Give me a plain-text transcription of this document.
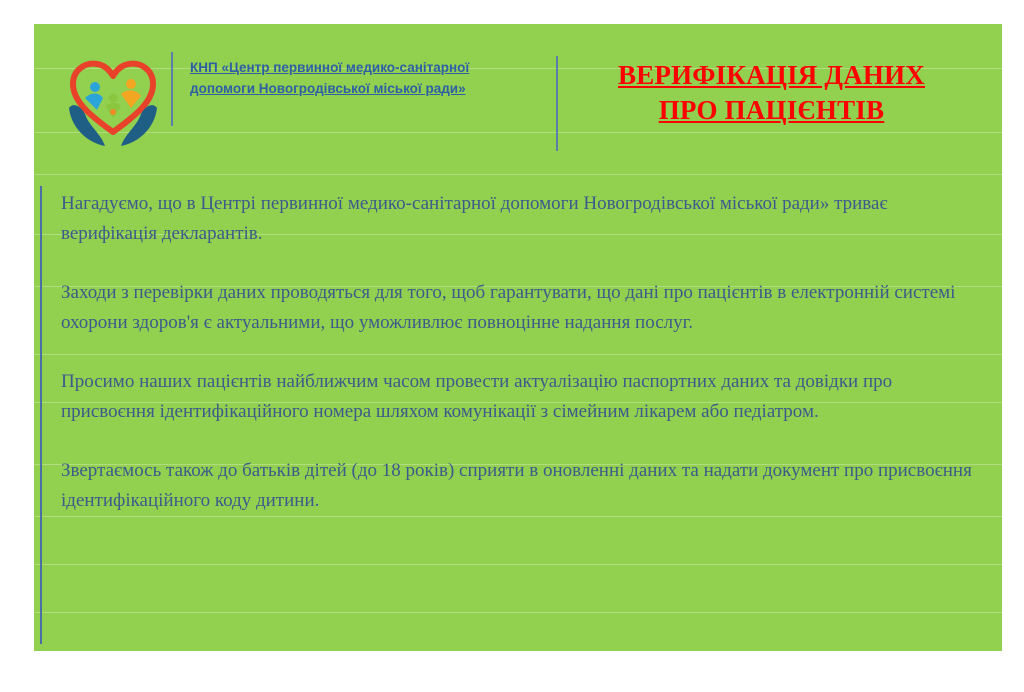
КНП «Центр первинної медико-санітарної допомоги Новогродівської міської ради»	ВЕРИФІКАЦІЯ ДАНИХ
ПРО ПАЦІЄНТІВ

Нагадуємо, що в Центрі первинної медико-санітарної допомоги Новогродівської міської ради» триває верифікація декларантів.

Заходи з перевірки даних проводяться для того, щоб гарантувати, що дані про пацієнтів в електронній системі охорони здоров'я є актуальними, що уможливлює повноцінне надання послуг.

Просимо наших пацієнтів найближчим часом провести актуалізацію паспортних даних та довідки про присвоєння ідентифікаційного номера шляхом комунікації з сімейним лікарем або педіатром.

Звертаємось також до батьків дітей (до 18 років) сприяти в оновленні даних та надати документ про присвоєння ідентифікаційного коду дитини.
